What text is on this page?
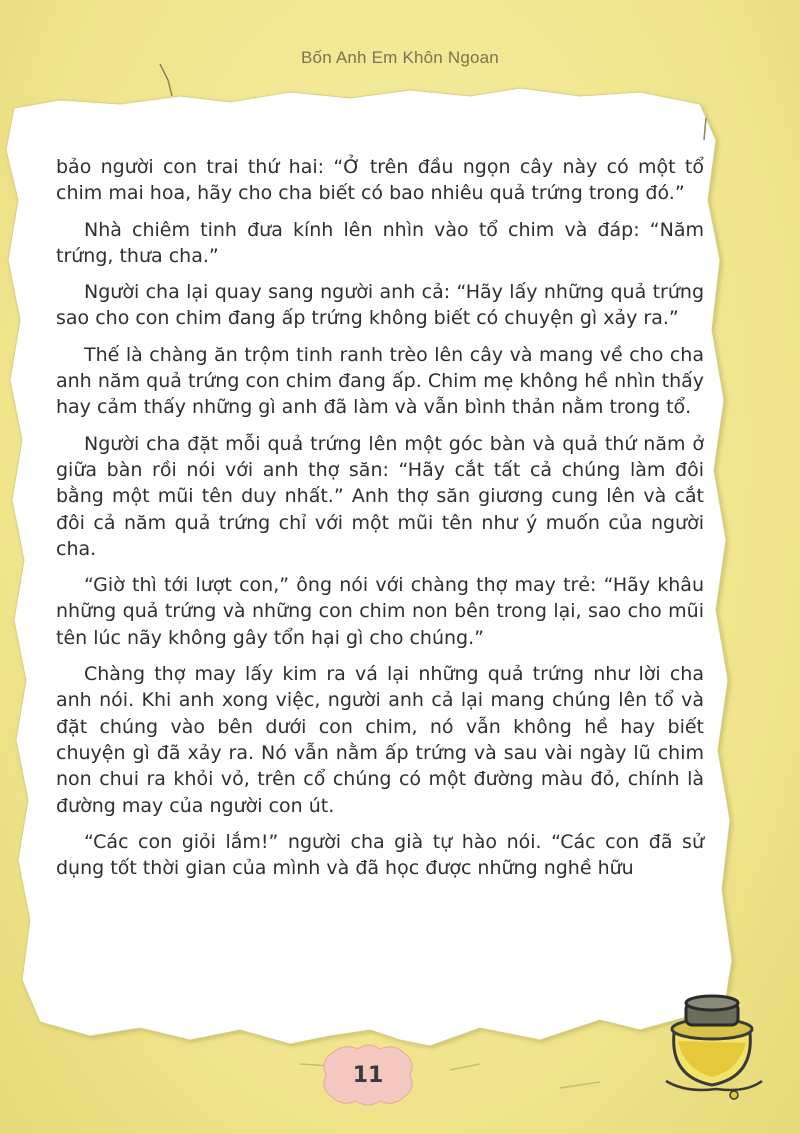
Bốn Anh Em Khôn Ngoan

bảo người con trai thứ hai: “Ở trên đầu ngọn cây này có một tổ chim mai hoa, hãy cho cha biết có bao nhiêu quả trứng trong đó.”

Nhà chiêm tinh đưa kính lên nhìn vào tổ chim và đáp: “Năm trứng, thưa cha.”

Người cha lại quay sang người anh cả: “Hãy lấy những quả trứng sao cho con chim đang ấp trứng không biết có chuyện gì xảy ra.”

Thế là chàng ăn trộm tinh ranh trèo lên cây và mang về cho cha anh năm quả trứng con chim đang ấp. Chim mẹ không hề nhìn thấy hay cảm thấy những gì anh đã làm và vẫn bình thản nằm trong tổ.

Người cha đặt mỗi quả trứng lên một góc bàn và quả thứ năm ở giữa bàn rồi nói với anh thợ săn: “Hãy cắt tất cả chúng làm đôi bằng một mũi tên duy nhất.” Anh thợ săn giương cung lên và cắt đôi cả năm quả trứng chỉ với một mũi tên như ý muốn của người cha.

“Giờ thì tới lượt con,” ông nói với chàng thợ may trẻ: “Hãy khâu những quả trứng và những con chim non bên trong lại, sao cho mũi tên lúc nãy không gây tổn hại gì cho chúng.”

Chàng thợ may lấy kim ra vá lại những quả trứng như lời cha anh nói. Khi anh xong việc, người anh cả lại mang chúng lên tổ và đặt chúng vào bên dưới con chim, nó vẫn không hề hay biết chuyện gì đã xảy ra. Nó vẫn nằm ấp trứng và sau vài ngày lũ chim non chui ra khỏi vỏ, trên cổ chúng có một đường màu đỏ, chính là đường may của người con út.

“Các con giỏi lắm!” người cha già tự hào nói. “Các con đã sử dụng tốt thời gian của mình và đã học được những nghề hữu

11
